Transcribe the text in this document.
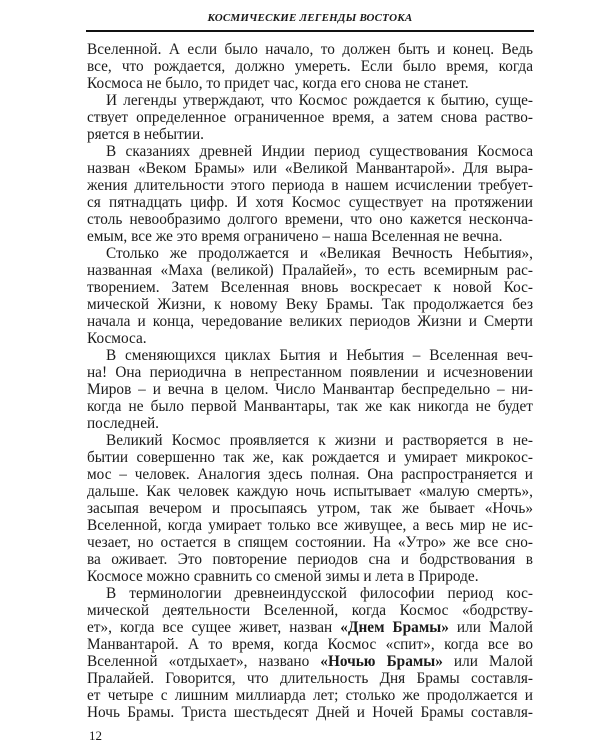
КОСМИЧЕСКИЕ ЛЕГЕНДЫ ВОСТОКА
Вселенной. А если было начало, то должен быть и конец. Ведь
все, что рождается, должно умереть. Если было время, когда
Космоса не было, то придет час, когда его снова не станет.
И легенды утверждают, что Космос рождается к бытию, суще-
ствует определенное ограниченное время, а затем снова раство-
ряется в небытии.
В сказаниях древней Индии период существования Космоса
назван «Веком Брамы» или «Великой Манвантарой». Для выра-
жения длительности этого периода в нашем исчислении требует-
ся пятнадцать цифр. И хотя Космос существует на протяжении
столь невообразимо долгого времени, что оно кажется несконча-
емым, все же это время ограничено – наша Вселенная не вечна.
Столько же продолжается и «Великая Вечность Небытия»,
названная «Маха (великой) Пралайей», то есть всемирным рас-
творением. Затем Вселенная вновь воскресает к новой Кос-
мической Жизни, к новому Веку Брамы. Так продолжается без
начала и конца, чередование великих периодов Жизни и Смерти
Космоса.
В сменяющихся циклах Бытия и Небытия – Вселенная веч-
на! Она периодична в непрестанном появлении и исчезновении
Миров – и вечна в целом. Число Манвантар беспредельно – ни-
когда не было первой Манвантары, так же как никогда не будет
последней.
Великий Космос проявляется к жизни и растворяется в не-
бытии совершенно так же, как рождается и умирает микрокос-
мос – человек. Аналогия здесь полная. Она распространяется и
дальше. Как человек каждую ночь испытывает «малую смерть»,
засыпая вечером и просыпаясь утром, так же бывает «Ночь»
Вселенной, когда умирает только все живущее, а весь мир не ис-
чезает, но остается в спящем состоянии. На «Утро» же все сно-
ва оживает. Это повторение периодов сна и бодрствования в
Космосе можно сравнить со сменой зимы и лета в Природе.
В терминологии древнеиндусской философии период кос-
мической деятельности Вселенной, когда Космос «бодрству-
ет», когда все сущее живет, назван «Днем Брамы» или Малой
Манвантарой. А то время, когда Космос «спит», когда все во
Вселенной «отдыхает», названо «Ночью Брамы» или Малой
Пралайей. Говорится, что длительность Дня Брамы составля-
ет четыре с лишним миллиарда лет; столько же продолжается и
Ночь Брамы. Триста шестьдесят Дней и Ночей Брамы составля-
12
